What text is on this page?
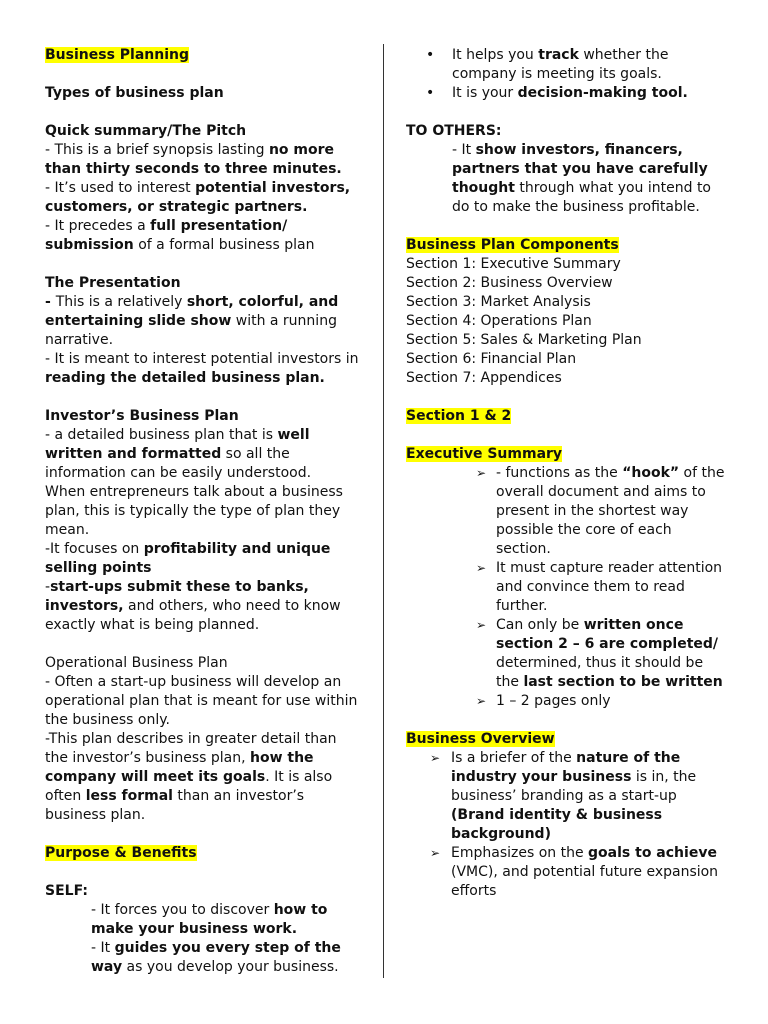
Business Planning

Types of business plan

Quick summary/The Pitch

- This is a brief synopsis lasting no more than thirty seconds to three minutes.

- It’s used to interest potential investors, customers, or strategic partners.

- It precedes a full presentation/ submission of a formal business plan

The Presentation

- This is a relatively short, colorful, and entertaining slide show with a running narrative.

- It is meant to interest potential investors in reading the detailed business plan.

Investor’s Business Plan

- a detailed business plan that is well written and formatted so all the information can be easily understood.

When entrepreneurs talk about a business plan, this is typically the type of plan they mean.

-It focuses on profitability and unique selling points

-start-ups submit these to banks, investors, and others, who need to know exactly what is being planned.

Operational Business Plan

- Often a start-up business will develop an operational plan that is meant for use within the business only.

-This plan describes in greater detail than the investor’s business plan, how the company will meet its goals. It is also often less formal than an investor’s business plan.

Purpose & Benefits

SELF:

- It forces you to discover how to make your business work.

- It guides you every step of the way as you develop your business.

• It helps you track whether the company is meeting its goals.
• It is your decision-making tool.

TO OTHERS:

- It show investors, financers, partners that you have carefully thought through what you intend to do to make the business profitable.

Business Plan Components

Section 1: Executive Summary

Section 2: Business Overview

Section 3: Market Analysis

Section 4: Operations Plan

Section 5: Sales & Marketing Plan

Section 6: Financial Plan

Section 7: Appendices

Section 1 & 2

Executive Summary

➢ - functions as the “hook” of the overall document and aims to present in the shortest way possible the core of each section.
➢ It must capture reader attention and convince them to read further.
➢ Can only be written once section 2 – 6 are completed/ determined, thus it should be the last section to be written
➢ 1 – 2 pages only

Business Overview

➢ Is a briefer of the nature of the industry your business is in, the business’ branding as a start-up (Brand identity & business background)
➢ Emphasizes on the goals to achieve (VMC), and potential future expansion efforts
